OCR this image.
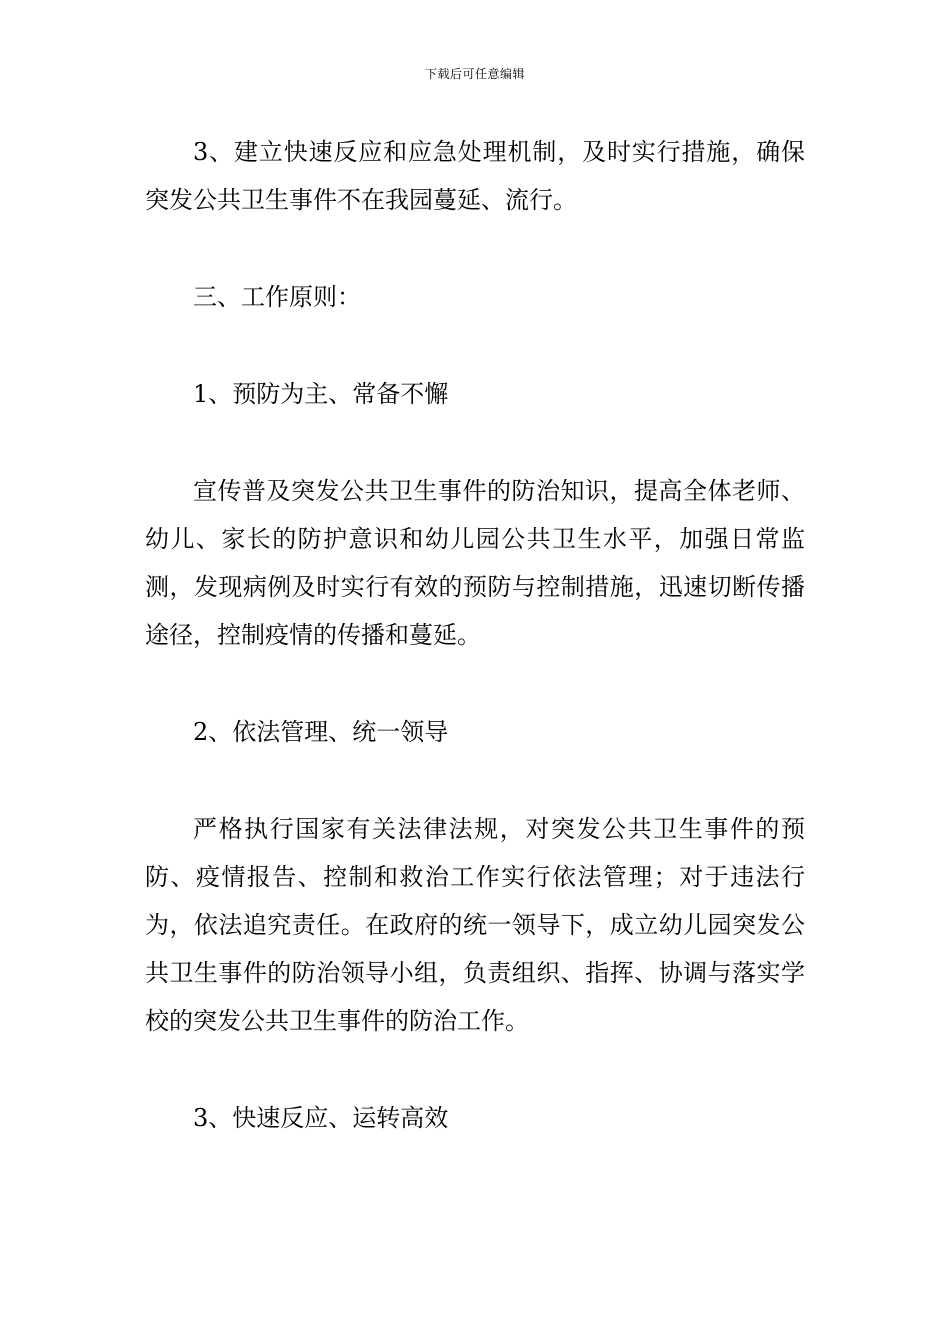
下载后可任意编辑

3、建立快速反应和应急处理机制，及时实行措施，确保突发公共卫生事件不在我园蔓延、流行。

三、工作原则：

1、预防为主、常备不懈

宣传普及突发公共卫生事件的防治知识，提高全体老师、幼儿、家长的防护意识和幼儿园公共卫生水平，加强日常监测，发现病例及时实行有效的预防与控制措施，迅速切断传播途径，控制疫情的传播和蔓延。

2、依法管理、统一领导

严格执行国家有关法律法规，对突发公共卫生事件的预防、疫情报告、控制和救治工作实行依法管理；对于违法行为，依法追究责任。在政府的统一领导下，成立幼儿园突发公共卫生事件的防治领导小组，负责组织、指挥、协调与落实学校的突发公共卫生事件的防治工作。

3、快速反应、运转高效
